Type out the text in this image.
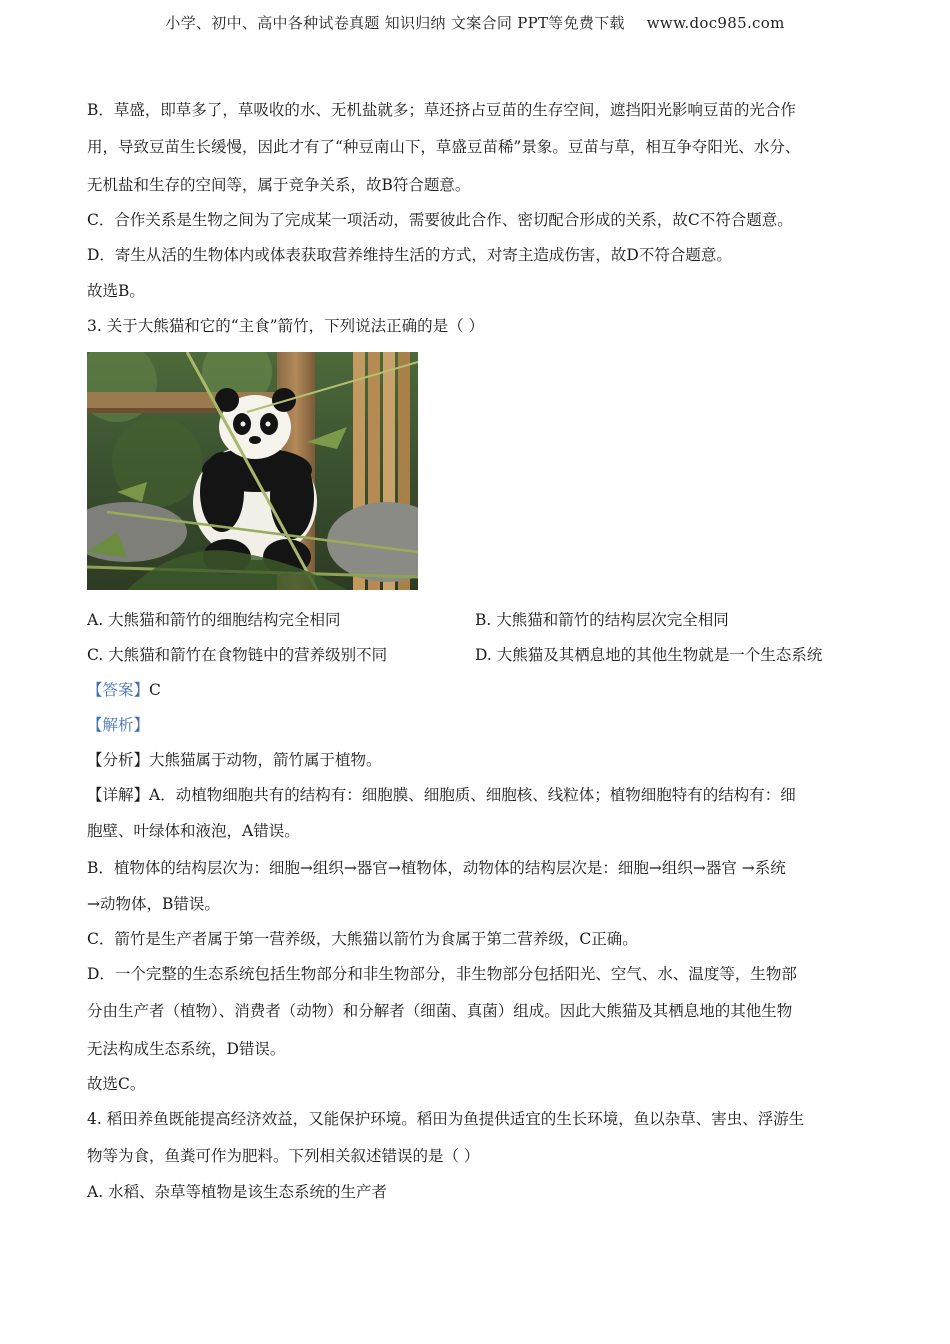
小学、初中、高中各种试卷真题 知识归纳 文案合同 PPT等免费下载 www.doc985.com
B．草盛，即草多了，草吸收的水、无机盐就多；草还挤占豆苗的生存空间，遮挡阳光影响豆苗的光合作
用，导致豆苗生长缓慢，因此才有了“种豆南山下，草盛豆苗稀”景象。豆苗与草，相互争夺阳光、水分、
无机盐和生存的空间等，属于竞争关系，故B符合题意。
C．合作关系是生物之间为了完成某一项活动，需要彼此合作、密切配合形成的关系，故C不符合题意。
D．寄生从活的生物体内或体表获取营养维持生活的方式，对寄主造成伤害，故D不符合题意。
故选B。
3. 关于大熊猫和它的“主食”箭竹，下列说法正确的是（ ）
A. 大熊猫和箭竹的细胞结构完全相同	B. 大熊猫和箭竹的结构层次完全相同
C. 大熊猫和箭竹在食物链中的营养级别不同	D. 大熊猫及其栖息地的其他生物就是一个生态系统
【答案】C
【解析】
【分析】大熊猫属于动物，箭竹属于植物。
【详解】A．动植物细胞共有的结构有：细胞膜、细胞质、细胞核、线粒体；植物细胞特有的结构有：细
胞壁、叶绿体和液泡，A错误。
B．植物体的结构层次为：细胞→组织→器官→植物体，动物体的结构层次是：细胞→组织→器官 →系统
→动物体，B错误。
C．箭竹是生产者属于第一营养级，大熊猫以箭竹为食属于第二营养级，C正确。
D．一个完整的生态系统包括生物部分和非生物部分，非生物部分包括阳光、空气、水、温度等，生物部
分由生产者（植物）、消费者（动物）和分解者（细菌、真菌）组成。因此大熊猫及其栖息地的其他生物
无法构成生态系统，D错误。
故选C。
4. 稻田养鱼既能提高经济效益，又能保护环境。稻田为鱼提供适宜的生长环境，鱼以杂草、害虫、浮游生
物等为食，鱼粪可作为肥料。下列相关叙述错误的是（ ）
A. 水稻、杂草等植物是该生态系统的生产者
